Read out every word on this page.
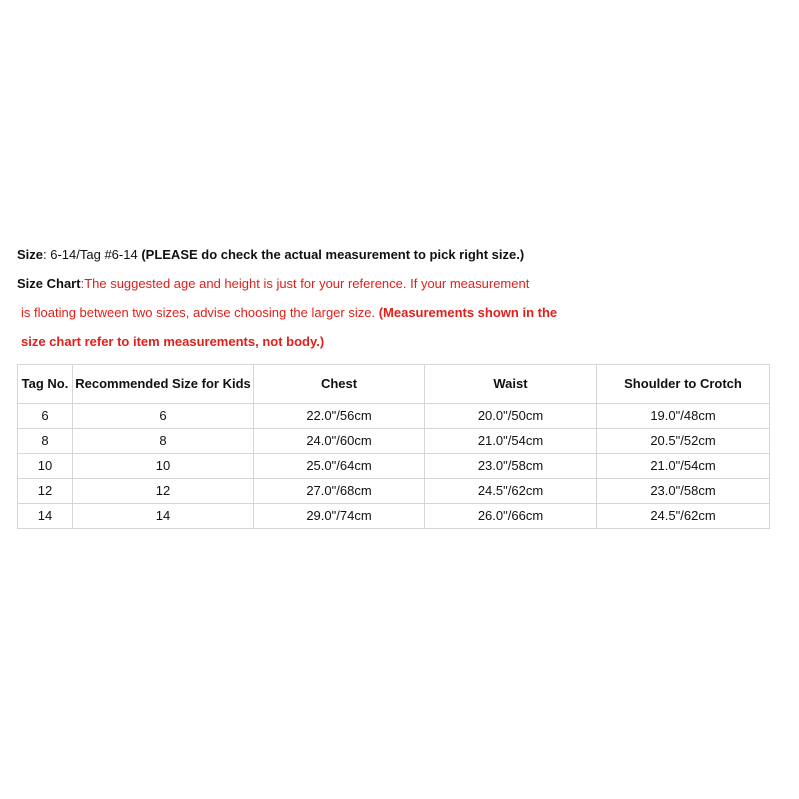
Size: 6-14/Tag #6-14 (PLEASE do check the actual measurement to pick right size.)
Size Chart:The suggested age and height is just for your reference. If your measurement
is floating between two sizes, advise choosing the larger size. (Measurements shown in the
size chart refer to item measurements, not body.)
Tag No.	Recommended Size for Kids	Chest	Waist	Shoulder to Crotch
6	6	22.0"/56cm	20.0"/50cm	19.0"/48cm
8	8	24.0"/60cm	21.0"/54cm	20.5"/52cm
10	10	25.0"/64cm	23.0"/58cm	21.0"/54cm
12	12	27.0"/68cm	24.5"/62cm	23.0"/58cm
14	14	29.0"/74cm	26.0"/66cm	24.5"/62cm
